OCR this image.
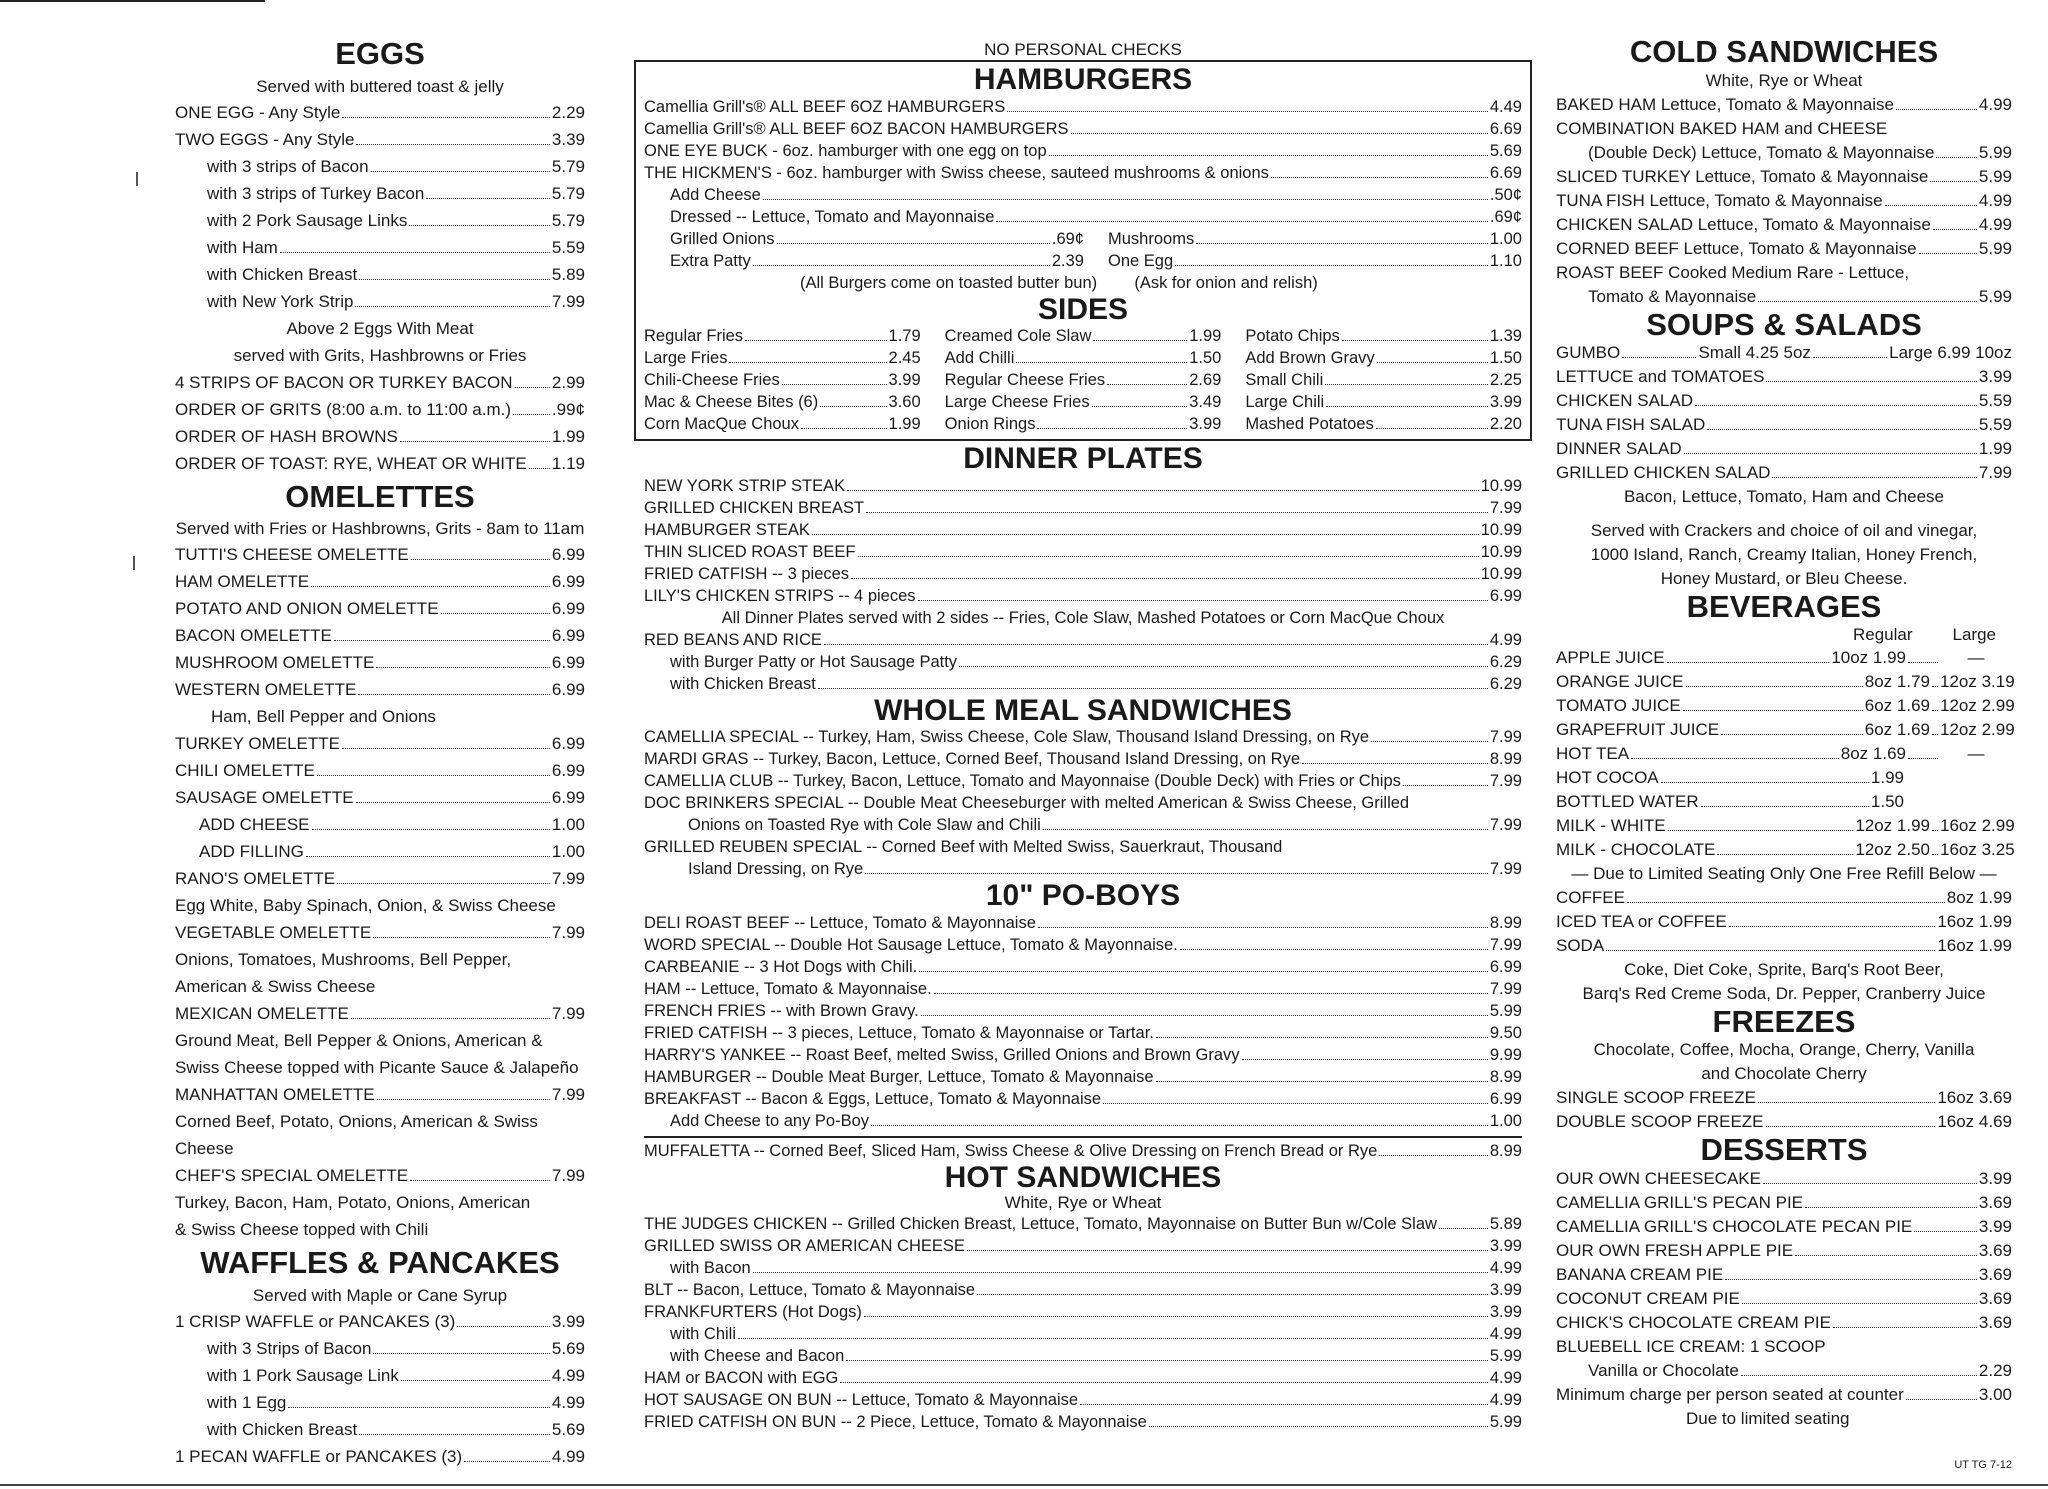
EGGS
Served with buttered toast & jelly
ONE EGG - Any Style	2.29
TWO EGGS - Any Style	3.39
with 3 strips of Bacon	5.79
with 3 strips of Turkey Bacon	5.79
with 2 Pork Sausage Links	5.79
with Ham	5.59
with Chicken Breast	5.89
with New York Strip	7.99
Above 2 Eggs With Meat
served with Grits, Hashbrowns or Fries
4 STRIPS OF BACON OR TURKEY BACON 2.99
ORDER OF GRITS (8:00 a.m. to 11:00 a.m.) .99¢
ORDER OF HASH BROWNS	1.99
ORDER OF TOAST: RYE, WHEAT OR WHITE 1.19
OMELETTES
Served with Fries or Hashbrowns, Grits - 8am to 11am
TUTTI'S CHEESE OMELETTE	6.99
HAM OMELETTE	6.99
POTATO AND ONION OMELETTE	6.99
BACON OMELETTE	6.99
MUSHROOM OMELETTE	6.99
WESTERN OMELETTE	6.99
Ham, Bell Pepper and Onions
TURKEY OMELETTE	6.99
CHILI OMELETTE	6.99
SAUSAGE OMELETTE	6.99
ADD CHEESE	1.00
ADD FILLING	1.00
RANO'S OMELETTE	7.99
Egg White, Baby Spinach, Onion, & Swiss Cheese
VEGETABLE OMELETTE	7.99
Onions, Tomatoes, Mushrooms, Bell Pepper,
American & Swiss Cheese
MEXICAN OMELETTE	7.99
Ground Meat, Bell Pepper & Onions, American &
Swiss Cheese topped with Picante Sauce & Jalapeño
MANHATTAN OMELETTE	7.99
Corned Beef, Potato, Onions, American & Swiss Cheese
CHEF'S SPECIAL OMELETTE	7.99
Turkey, Bacon, Ham, Potato, Onions, American
& Swiss Cheese topped with Chili
WAFFLES & PANCAKES
Served with Maple or Cane Syrup
1 CRISP WAFFLE or PANCAKES (3)	3.99
with 3 Strips of Bacon	5.69
with 1 Pork Sausage Link	4.99
with 1 Egg	4.99
with Chicken Breast	5.69
1 PECAN WAFFLE or PANCAKES (3)	4.99
NO PERSONAL CHECKS
HAMBURGERS
Camellia Grill's® ALL BEEF 6OZ HAMBURGERS	4.49
Camellia Grill's® ALL BEEF 6OZ BACON HAMBURGERS	6.69
ONE EYE BUCK - 6oz. hamburger with one egg on top	5.69
THE HICKMEN'S - 6oz. hamburger with Swiss cheese, sauteed mushrooms & onions	6.69
Add Cheese	.50¢
Dressed -- Lettuce, Tomato and Mayonnaise	.69¢
Grilled Onions	.69¢ Mushrooms	1.00
Extra Patty	2.39 One Egg	1.10
(All Burgers come on toasted butter bun) (Ask for onion and relish)
SIDES
Regular Fries	1.79 Creamed Cole Slaw	1.99 Potato Chips	1.39
Large Fries	2.45 Add Chilli	1.50 Add Brown Gravy	1.50
Chili-Cheese Fries	3.99 Regular Cheese Fries	2.69 Small Chili	2.25
Mac & Cheese Bites (6)	3.60 Large Cheese Fries	3.49 Large Chili	3.99
Corn MacQue Choux	1.99 Onion Rings	3.99 Mashed Potatoes	2.20
DINNER PLATES
NEW YORK STRIP STEAK	10.99
GRILLED CHICKEN BREAST	7.99
HAMBURGER STEAK	10.99
THIN SLICED ROAST BEEF	10.99
FRIED CATFISH -- 3 pieces	10.99
LILY'S CHICKEN STRIPS -- 4 pieces	6.99
All Dinner Plates served with 2 sides -- Fries, Cole Slaw, Mashed Potatoes or Corn MacQue Choux
RED BEANS AND RICE	4.99
with Burger Patty or Hot Sausage Patty	6.29
with Chicken Breast	6.29
WHOLE MEAL SANDWICHES
CAMELLIA SPECIAL -- Turkey, Ham, Swiss Cheese, Cole Slaw, Thousand Island Dressing, on Rye	7.99
MARDI GRAS -- Turkey, Bacon, Lettuce, Corned Beef, Thousand Island Dressing, on Rye	8.99
CAMELLIA CLUB -- Turkey, Bacon, Lettuce, Tomato and Mayonnaise (Double Deck) with Fries or Chips	7.99
DOC BRINKERS SPECIAL -- Double Meat Cheeseburger with melted American & Swiss Cheese, Grilled
Onions on Toasted Rye with Cole Slaw and Chili	7.99
GRILLED REUBEN SPECIAL -- Corned Beef with Melted Swiss, Sauerkraut, Thousand
Island Dressing, on Rye	7.99
10" PO-BOYS
DELI ROAST BEEF -- Lettuce, Tomato & Mayonnaise	8.99
WORD SPECIAL -- Double Hot Sausage Lettuce, Tomato & Mayonnaise.	7.99
CARBEANIE -- 3 Hot Dogs with Chili.	6.99
HAM -- Lettuce, Tomato & Mayonnaise.	7.99
FRENCH FRIES -- with Brown Gravy.	5.99
FRIED CATFISH -- 3 pieces, Lettuce, Tomato & Mayonnaise or Tartar.	9.50
HARRY'S YANKEE -- Roast Beef, melted Swiss, Grilled Onions and Brown Gravy	9.99
HAMBURGER -- Double Meat Burger, Lettuce, Tomato & Mayonnaise	8.99
BREAKFAST -- Bacon & Eggs, Lettuce, Tomato & Mayonnaise	6.99
Add Cheese to any Po-Boy	1.00
MUFFALETTA -- Corned Beef, Sliced Ham, Swiss Cheese & Olive Dressing on French Bread or Rye	8.99
HOT SANDWICHES
White, Rye or Wheat
THE JUDGES CHICKEN -- Grilled Chicken Breast, Lettuce, Tomato, Mayonnaise on Butter Bun w/Cole Slaw	5.89
GRILLED SWISS OR AMERICAN CHEESE	3.99
with Bacon	4.99
BLT -- Bacon, Lettuce, Tomato & Mayonnaise	3.99
FRANKFURTERS (Hot Dogs)	3.99
with Chili	4.99
with Cheese and Bacon	5.99
HAM or BACON with EGG	4.99
HOT SAUSAGE ON BUN -- Lettuce, Tomato & Mayonnaise	4.99
FRIED CATFISH ON BUN -- 2 Piece, Lettuce, Tomato & Mayonnaise	5.99
COLD SANDWICHES
White, Rye or Wheat
BAKED HAM Lettuce, Tomato & Mayonnaise	4.99
COMBINATION BAKED HAM and CHEESE
(Double Deck) Lettuce, Tomato & Mayonnaise	5.99
SLICED TURKEY Lettuce, Tomato & Mayonnaise	5.99
TUNA FISH Lettuce, Tomato & Mayonnaise	4.99
CHICKEN SALAD Lettuce, Tomato & Mayonnaise	4.99
CORNED BEEF Lettuce, Tomato & Mayonnaise	5.99
ROAST BEEF Cooked Medium Rare - Lettuce,
Tomato & Mayonnaise	5.99
SOUPS & SALADS
GUMBO	Small 4.25 5oz	Large 6.99 10oz
LETTUCE and TOMATOES	3.99
CHICKEN SALAD	5.59
TUNA FISH SALAD	5.59
DINNER SALAD	1.99
GRILLED CHICKEN SALAD	7.99
Bacon, Lettuce, Tomato, Ham and Cheese
Served with Crackers and choice of oil and vinegar,
1000 Island, Ranch, Creamy Italian, Honey French,
Honey Mustard, or Bleu Cheese.
BEVERAGES
Regular Large
APPLE JUICE	10oz 1.99	—
ORANGE JUICE	8oz 1.79 12oz 3.19
TOMATO JUICE	6oz 1.69 12oz 2.99
GRAPEFRUIT JUICE	6oz 1.69 12oz 2.99
HOT TEA	8oz 1.69	—
HOT COCOA	1.99
BOTTLED WATER	1.50
MILK - WHITE	12oz 1.99 16oz 2.99
MILK - CHOCOLATE	12oz 2.50 16oz 3.25
— Due to Limited Seating Only One Free Refill Below —
COFFEE	8oz 1.99
ICED TEA or COFFEE	16oz 1.99
SODA	16oz 1.99
Coke, Diet Coke, Sprite, Barq's Root Beer,
Barq's Red Creme Soda, Dr. Pepper, Cranberry Juice
FREEZES
Chocolate, Coffee, Mocha, Orange, Cherry, Vanilla
and Chocolate Cherry
SINGLE SCOOP FREEZE	16oz 3.69
DOUBLE SCOOP FREEZE	16oz 4.69
DESSERTS
OUR OWN CHEESECAKE	3.99
CAMELLIA GRILL'S PECAN PIE	3.69
CAMELLIA GRILL'S CHOCOLATE PECAN PIE	3.99
OUR OWN FRESH APPLE PIE	3.69
BANANA CREAM PIE	3.69
COCONUT CREAM PIE	3.69
CHICK'S CHOCOLATE CREAM PIE	3.69
BLUEBELL ICE CREAM: 1 SCOOP
Vanilla or Chocolate	2.29
Minimum charge per person seated at counter	3.00
Due to limited seating
UT TG 7-12
